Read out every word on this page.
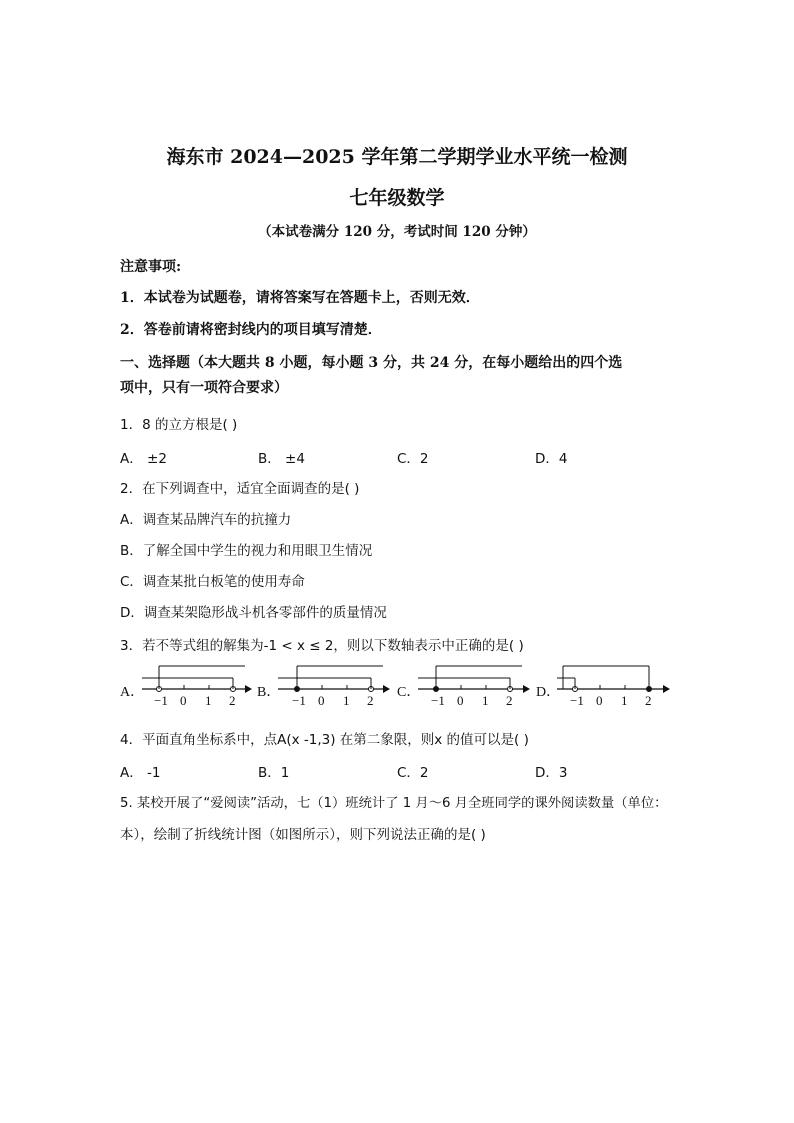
海东市 2024—2025 学年第二学期学业水平统一检测
七年级数学
（本试卷满分 120 分，考试时间 120 分钟）
注意事项:
1．本试卷为试题卷，请将答案写在答题卡上，否则无效．
2．答卷前请将密封线内的项目填写清楚．
一、选择题（本大题共 8 小题，每小题 3 分，共 24 分，在每小题给出的四个选
项中，只有一项符合要求）
1．8 的立方根是( )
A． ±2	B． ±4	C．2	D．4
2．在下列调查中，适宜全面调查的是( )
A．调查某品牌汽车的抗撞力
B．了解全国中学生的视力和用眼卫生情况
C．调查某批白板笔的使用寿命
D．调查某架隐形战斗机各零部件的质量情况
3．若不等式组的解集为-1 < x ≤ 2，则以下数轴表示中正确的是( )
A．
−1 0 1 2
B．
−1 0 1 2
C．
−1 0 1 2
D．
−1 0 1 2
4．平面直角坐标系中，点A(x -1,3) 在第二象限，则x 的值可以是( )
A． -1	B．1	C．2	D．3
5. 某校开展了“爱阅读”活动，七（1）班统计了 1 月～6 月全班同学的课外阅读数量（单位：
本），绘制了折线统计图（如图所示），则下列说法正确的是( )
